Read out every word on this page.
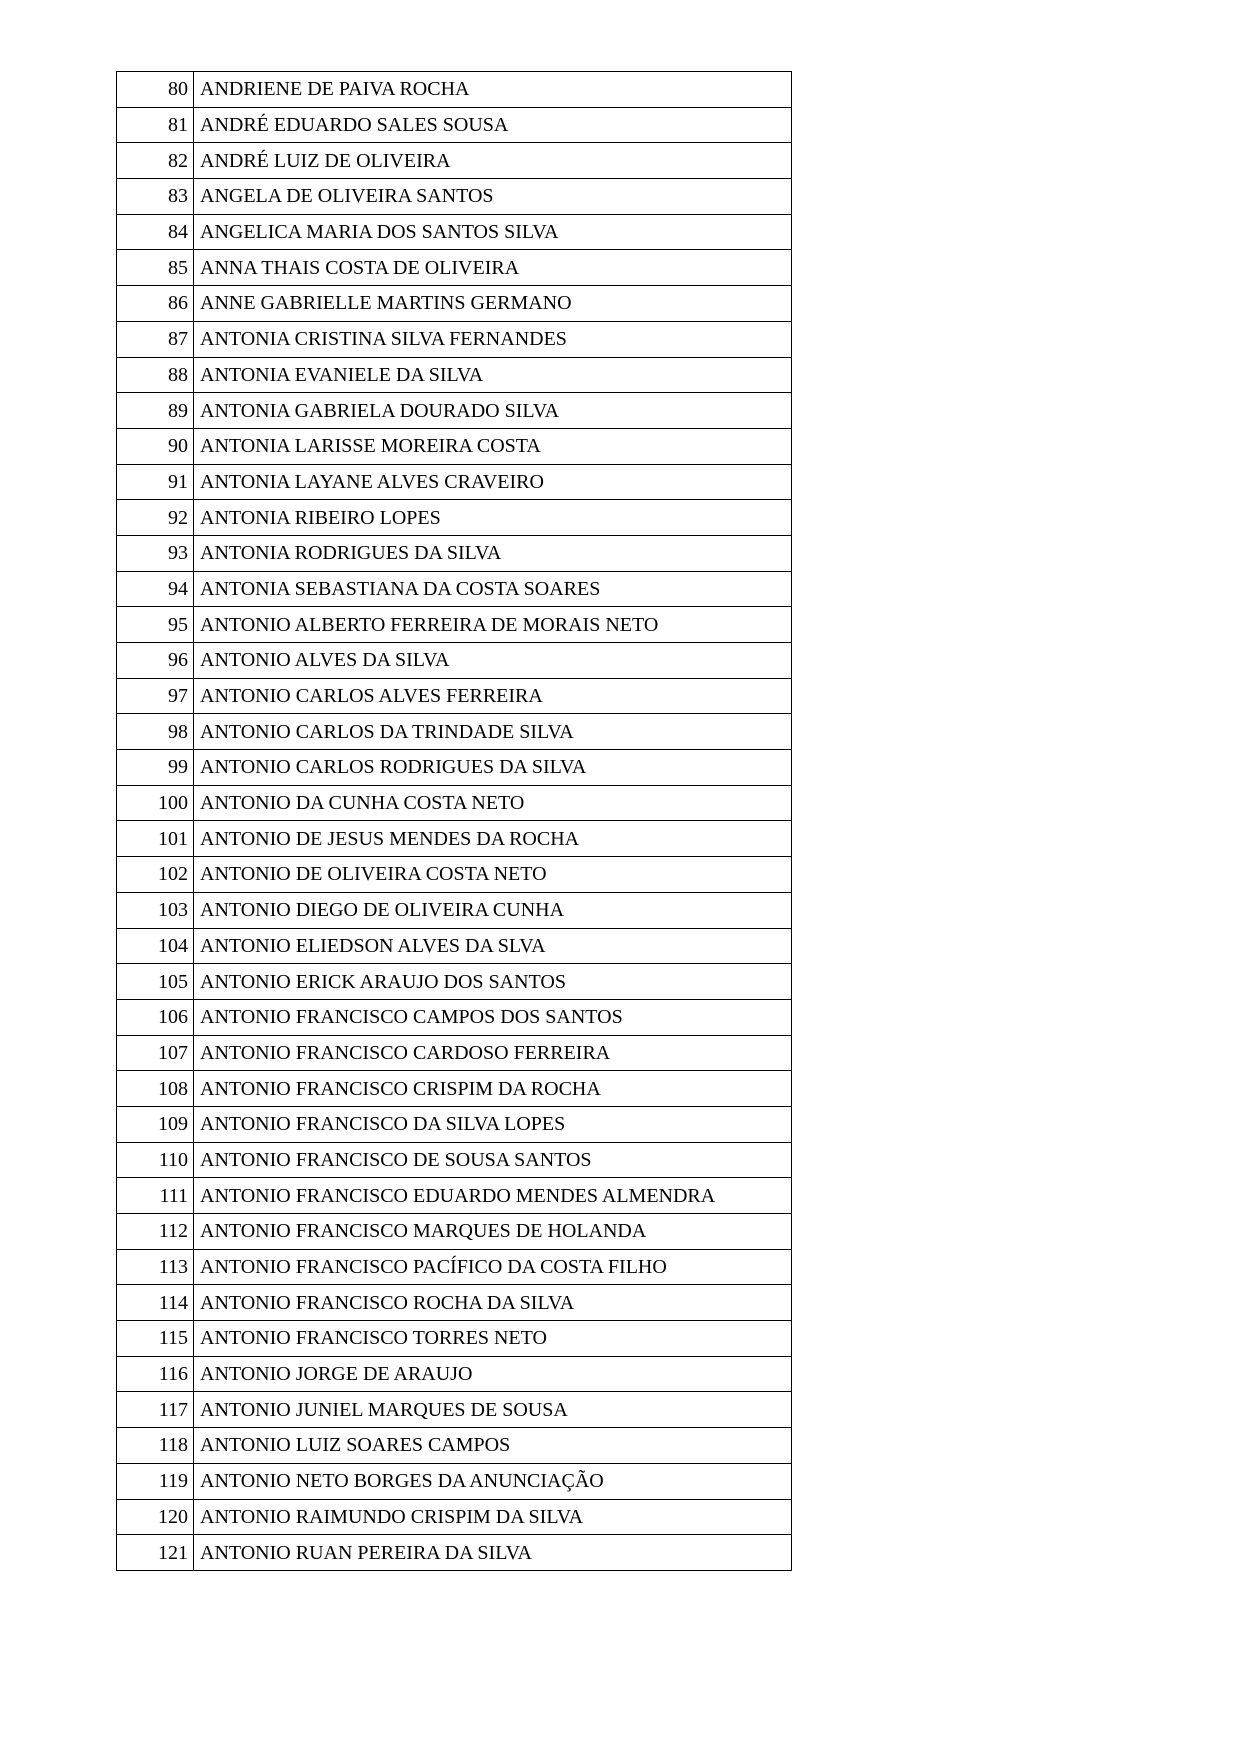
80	ANDRIENE DE PAIVA ROCHA
81	ANDRÉ EDUARDO SALES SOUSA
82	ANDRÉ LUIZ DE OLIVEIRA
83	ANGELA DE OLIVEIRA SANTOS
84	ANGELICA MARIA DOS SANTOS SILVA
85	ANNA THAIS COSTA DE OLIVEIRA
86	ANNE GABRIELLE MARTINS GERMANO
87	ANTONIA CRISTINA SILVA FERNANDES
88	ANTONIA EVANIELE DA SILVA
89	ANTONIA GABRIELA DOURADO SILVA
90	ANTONIA LARISSE MOREIRA COSTA
91	ANTONIA LAYANE ALVES CRAVEIRO
92	ANTONIA RIBEIRO LOPES
93	ANTONIA RODRIGUES DA SILVA
94	ANTONIA SEBASTIANA DA COSTA SOARES
95	ANTONIO ALBERTO FERREIRA DE MORAIS NETO
96	ANTONIO ALVES DA SILVA
97	ANTONIO CARLOS ALVES FERREIRA
98	ANTONIO CARLOS DA TRINDADE SILVA
99	ANTONIO CARLOS RODRIGUES DA SILVA
100	ANTONIO DA CUNHA COSTA NETO
101	ANTONIO DE JESUS MENDES DA ROCHA
102	ANTONIO DE OLIVEIRA COSTA NETO
103	ANTONIO DIEGO DE OLIVEIRA CUNHA
104	ANTONIO ELIEDSON ALVES DA SLVA
105	ANTONIO ERICK ARAUJO DOS SANTOS
106	ANTONIO FRANCISCO CAMPOS DOS SANTOS
107	ANTONIO FRANCISCO CARDOSO FERREIRA
108	ANTONIO FRANCISCO CRISPIM DA ROCHA
109	ANTONIO FRANCISCO DA SILVA LOPES
110	ANTONIO FRANCISCO DE SOUSA SANTOS
111	ANTONIO FRANCISCO EDUARDO MENDES ALMENDRA
112	ANTONIO FRANCISCO MARQUES DE HOLANDA
113	ANTONIO FRANCISCO PACÍFICO DA COSTA FILHO
114	ANTONIO FRANCISCO ROCHA DA SILVA
115	ANTONIO FRANCISCO TORRES NETO
116	ANTONIO JORGE DE ARAUJO
117	ANTONIO JUNIEL MARQUES DE SOUSA
118	ANTONIO LUIZ SOARES CAMPOS
119	ANTONIO NETO BORGES DA ANUNCIAÇÃO
120	ANTONIO RAIMUNDO CRISPIM DA SILVA
121	ANTONIO RUAN PEREIRA DA SILVA
